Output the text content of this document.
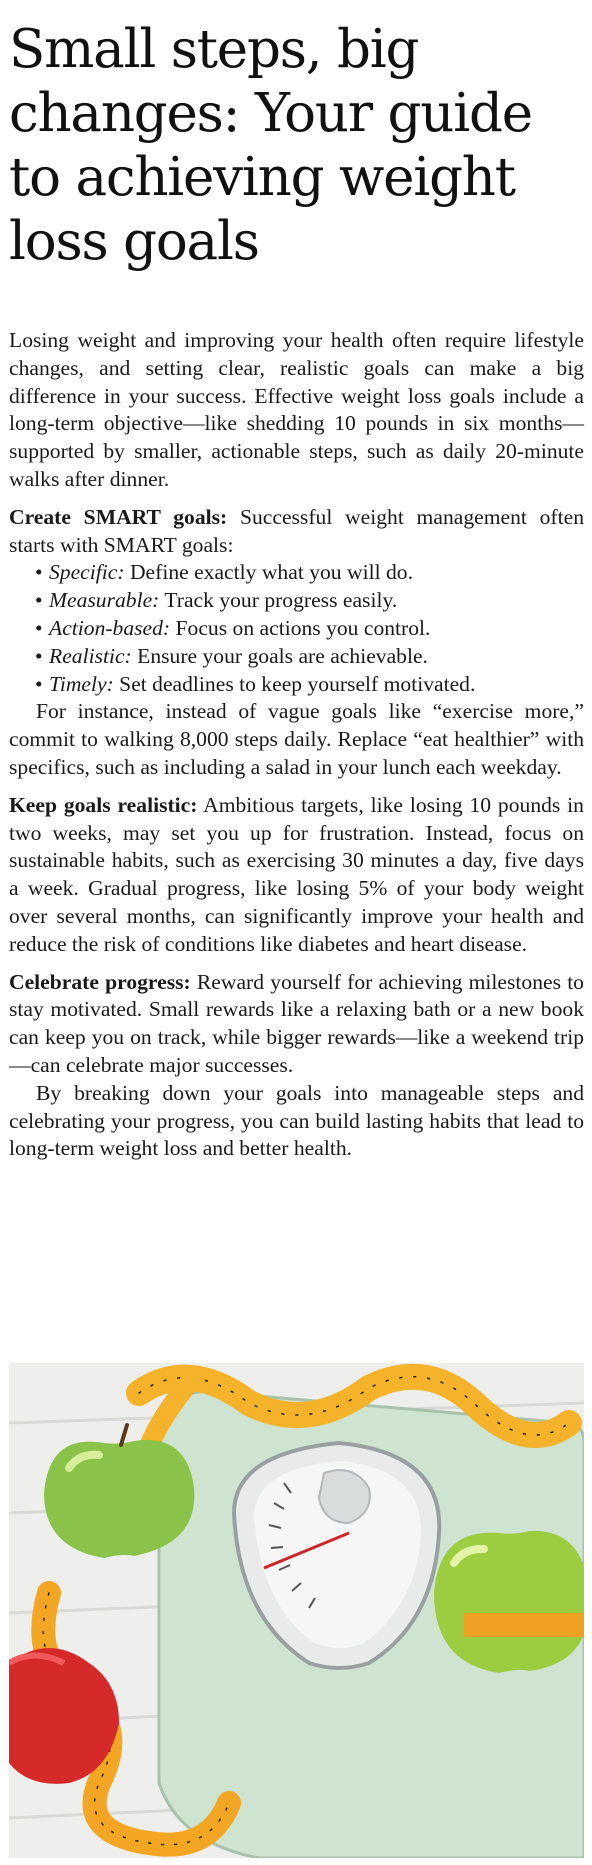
Small steps, big changes: Your guide to achieving weight loss goals

Losing weight and improving your health often require lifestyle changes, and setting clear, realistic goals can make a big difference in your success. Effective weight loss goals include a long-term objective—like shedding 10 pounds in six months—supported by smaller, actionable steps, such as daily 20-minute walks after dinner.

Create SMART goals: Successful weight management often starts with SMART goals:

• Specific: Define exactly what you will do.
• Measurable: Track your progress easily.
• Action-based: Focus on actions you control.
• Realistic: Ensure your goals are achievable.
• Timely: Set deadlines to keep yourself motivated.

For instance, instead of vague goals like “exercise more,” commit to walking 8,000 steps daily. Replace “eat healthier” with specifics, such as including a salad in your lunch each weekday.

Keep goals realistic: Ambitious targets, like losing 10 pounds in two weeks, may set you up for frustration. Instead, focus on sustainable habits, such as exercising 30 minutes a day, five days a week. Gradual progress, like losing 5% of your body weight over several months, can significantly improve your health and reduce the risk of conditions like diabetes and heart disease.

Celebrate progress: Reward yourself for achieving milestones to stay motivated. Small rewards like a relaxing bath or a new book can keep you on track, while bigger rewards—like a weekend trip—can celebrate major successes.

By breaking down your goals into manageable steps and celebrating your progress, you can build lasting habits that lead to long-term weight loss and better health.
